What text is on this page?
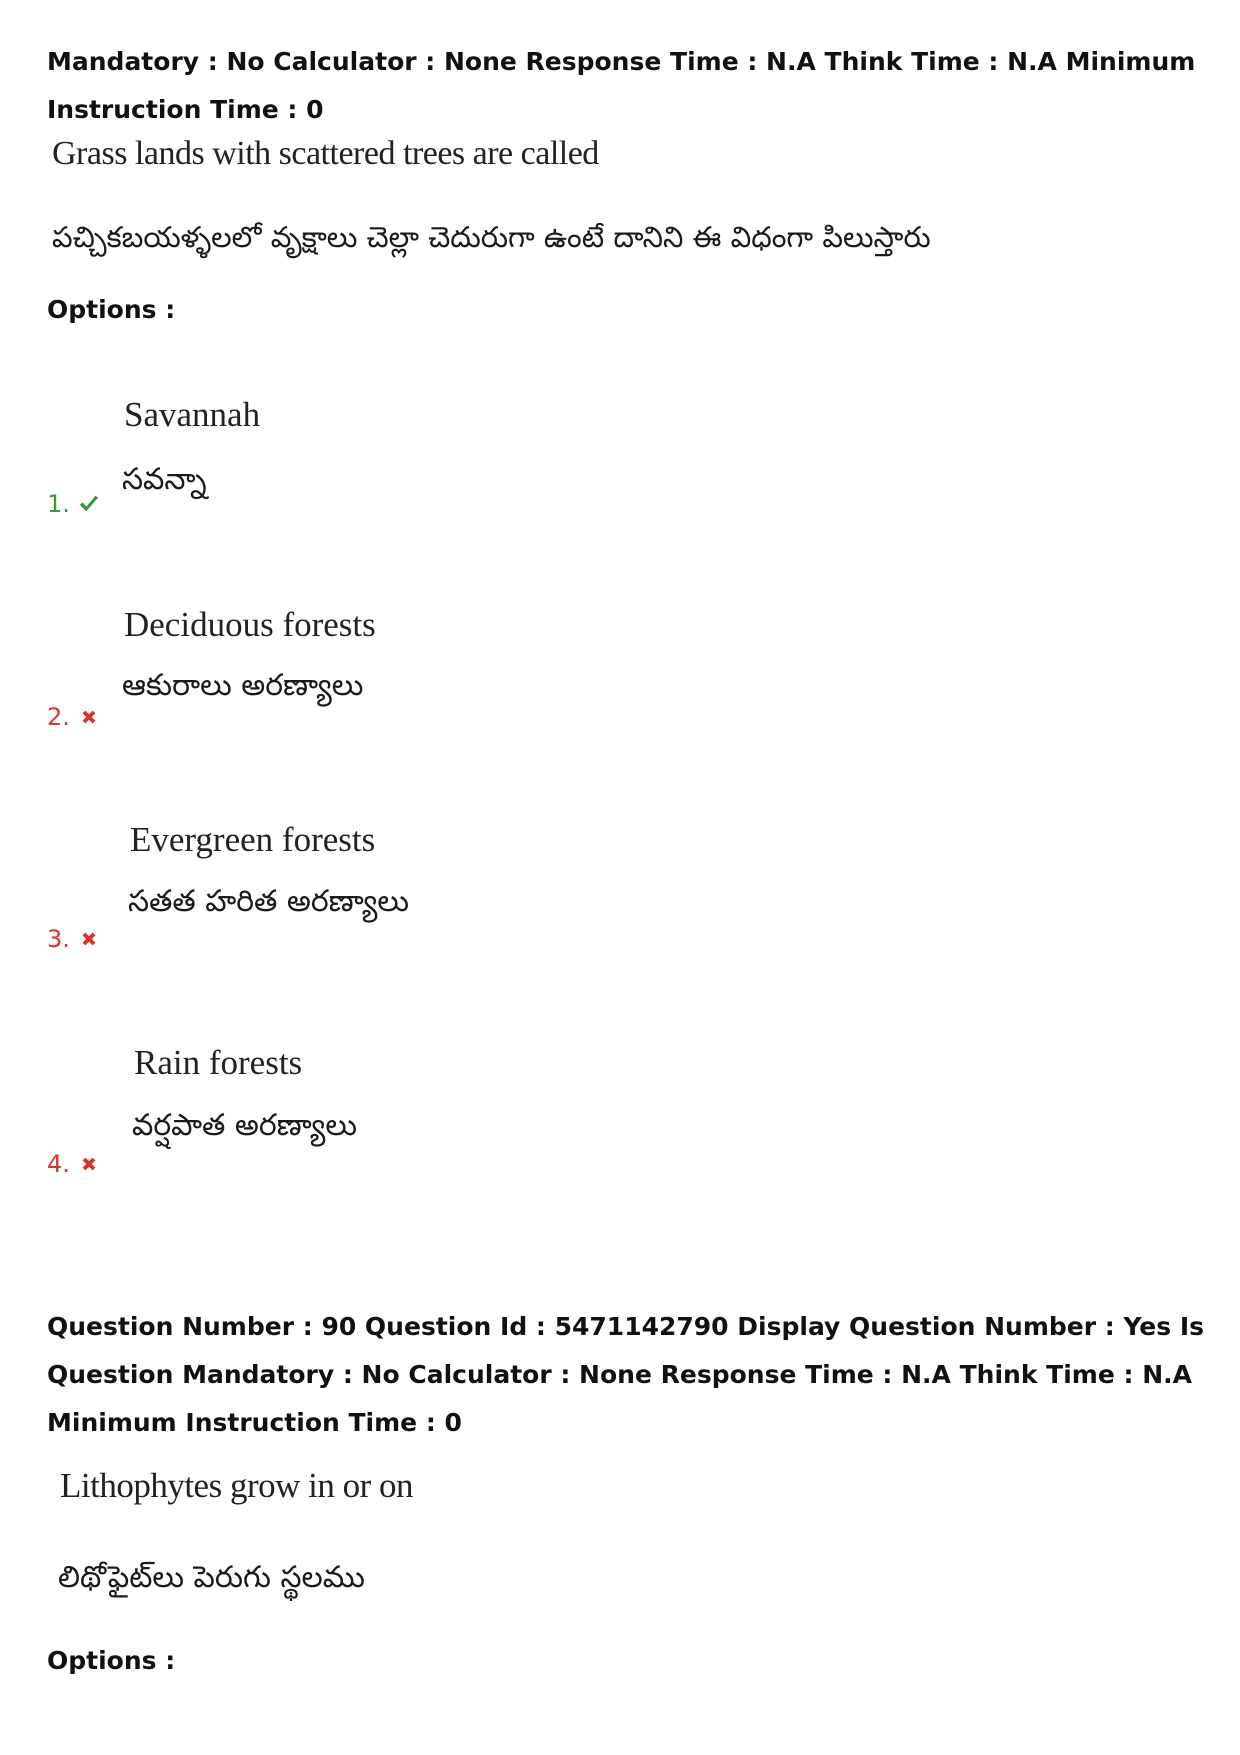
Mandatory : No Calculator : None Response Time : N.A Think Time : N.A Minimum Instruction Time : 0

Grass lands with scattered trees are called
పచ్చికబయళ్ళలలో వృక్షాలు చెల్లా చెదురుగా ఉంటే దానిని ఈ విధంగా పిలుస్తారు

Options :

Savannah
సవన్నా
1.
Deciduous forests
ఆకురాలు అరణ్యాలు
2.
Evergreen forests
సతత హరిత అరణ్యాలు
3.
Rain forests
వర్షపాత అరణ్యాలు
4.

Question Number : 90 Question Id : 5471142790 Display Question Number : Yes Is Question Mandatory : No Calculator : None Response Time : N.A Think Time : N.A Minimum Instruction Time : 0

Lithophytes grow in or on
లిథోఫైట్‌లు పెరుగు స్థలము

Options :
